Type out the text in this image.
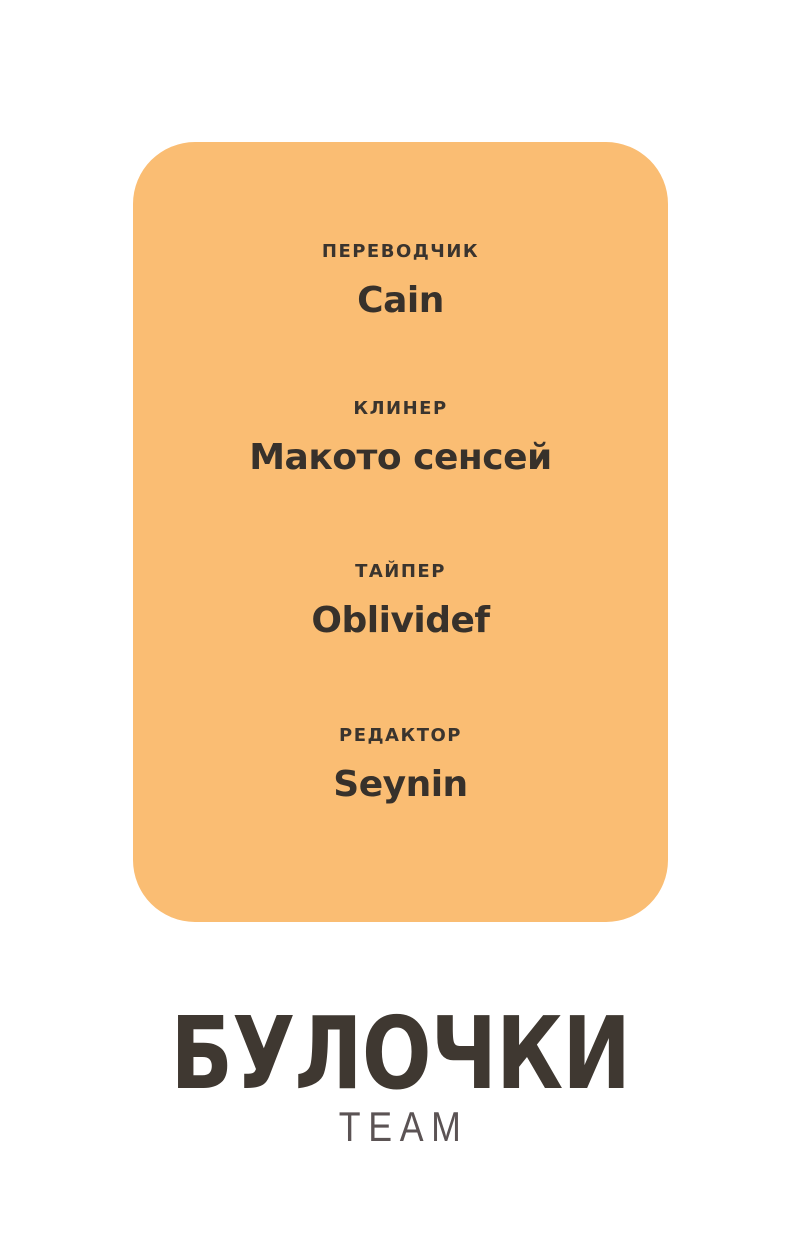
ПЕРЕВОДЧИК
Cain
КЛИНЕР
Макото сенсей
ТАЙПЕР
Oblividef
РЕДАКТОР
Seynin
БУЛОЧКИ
TEAM
